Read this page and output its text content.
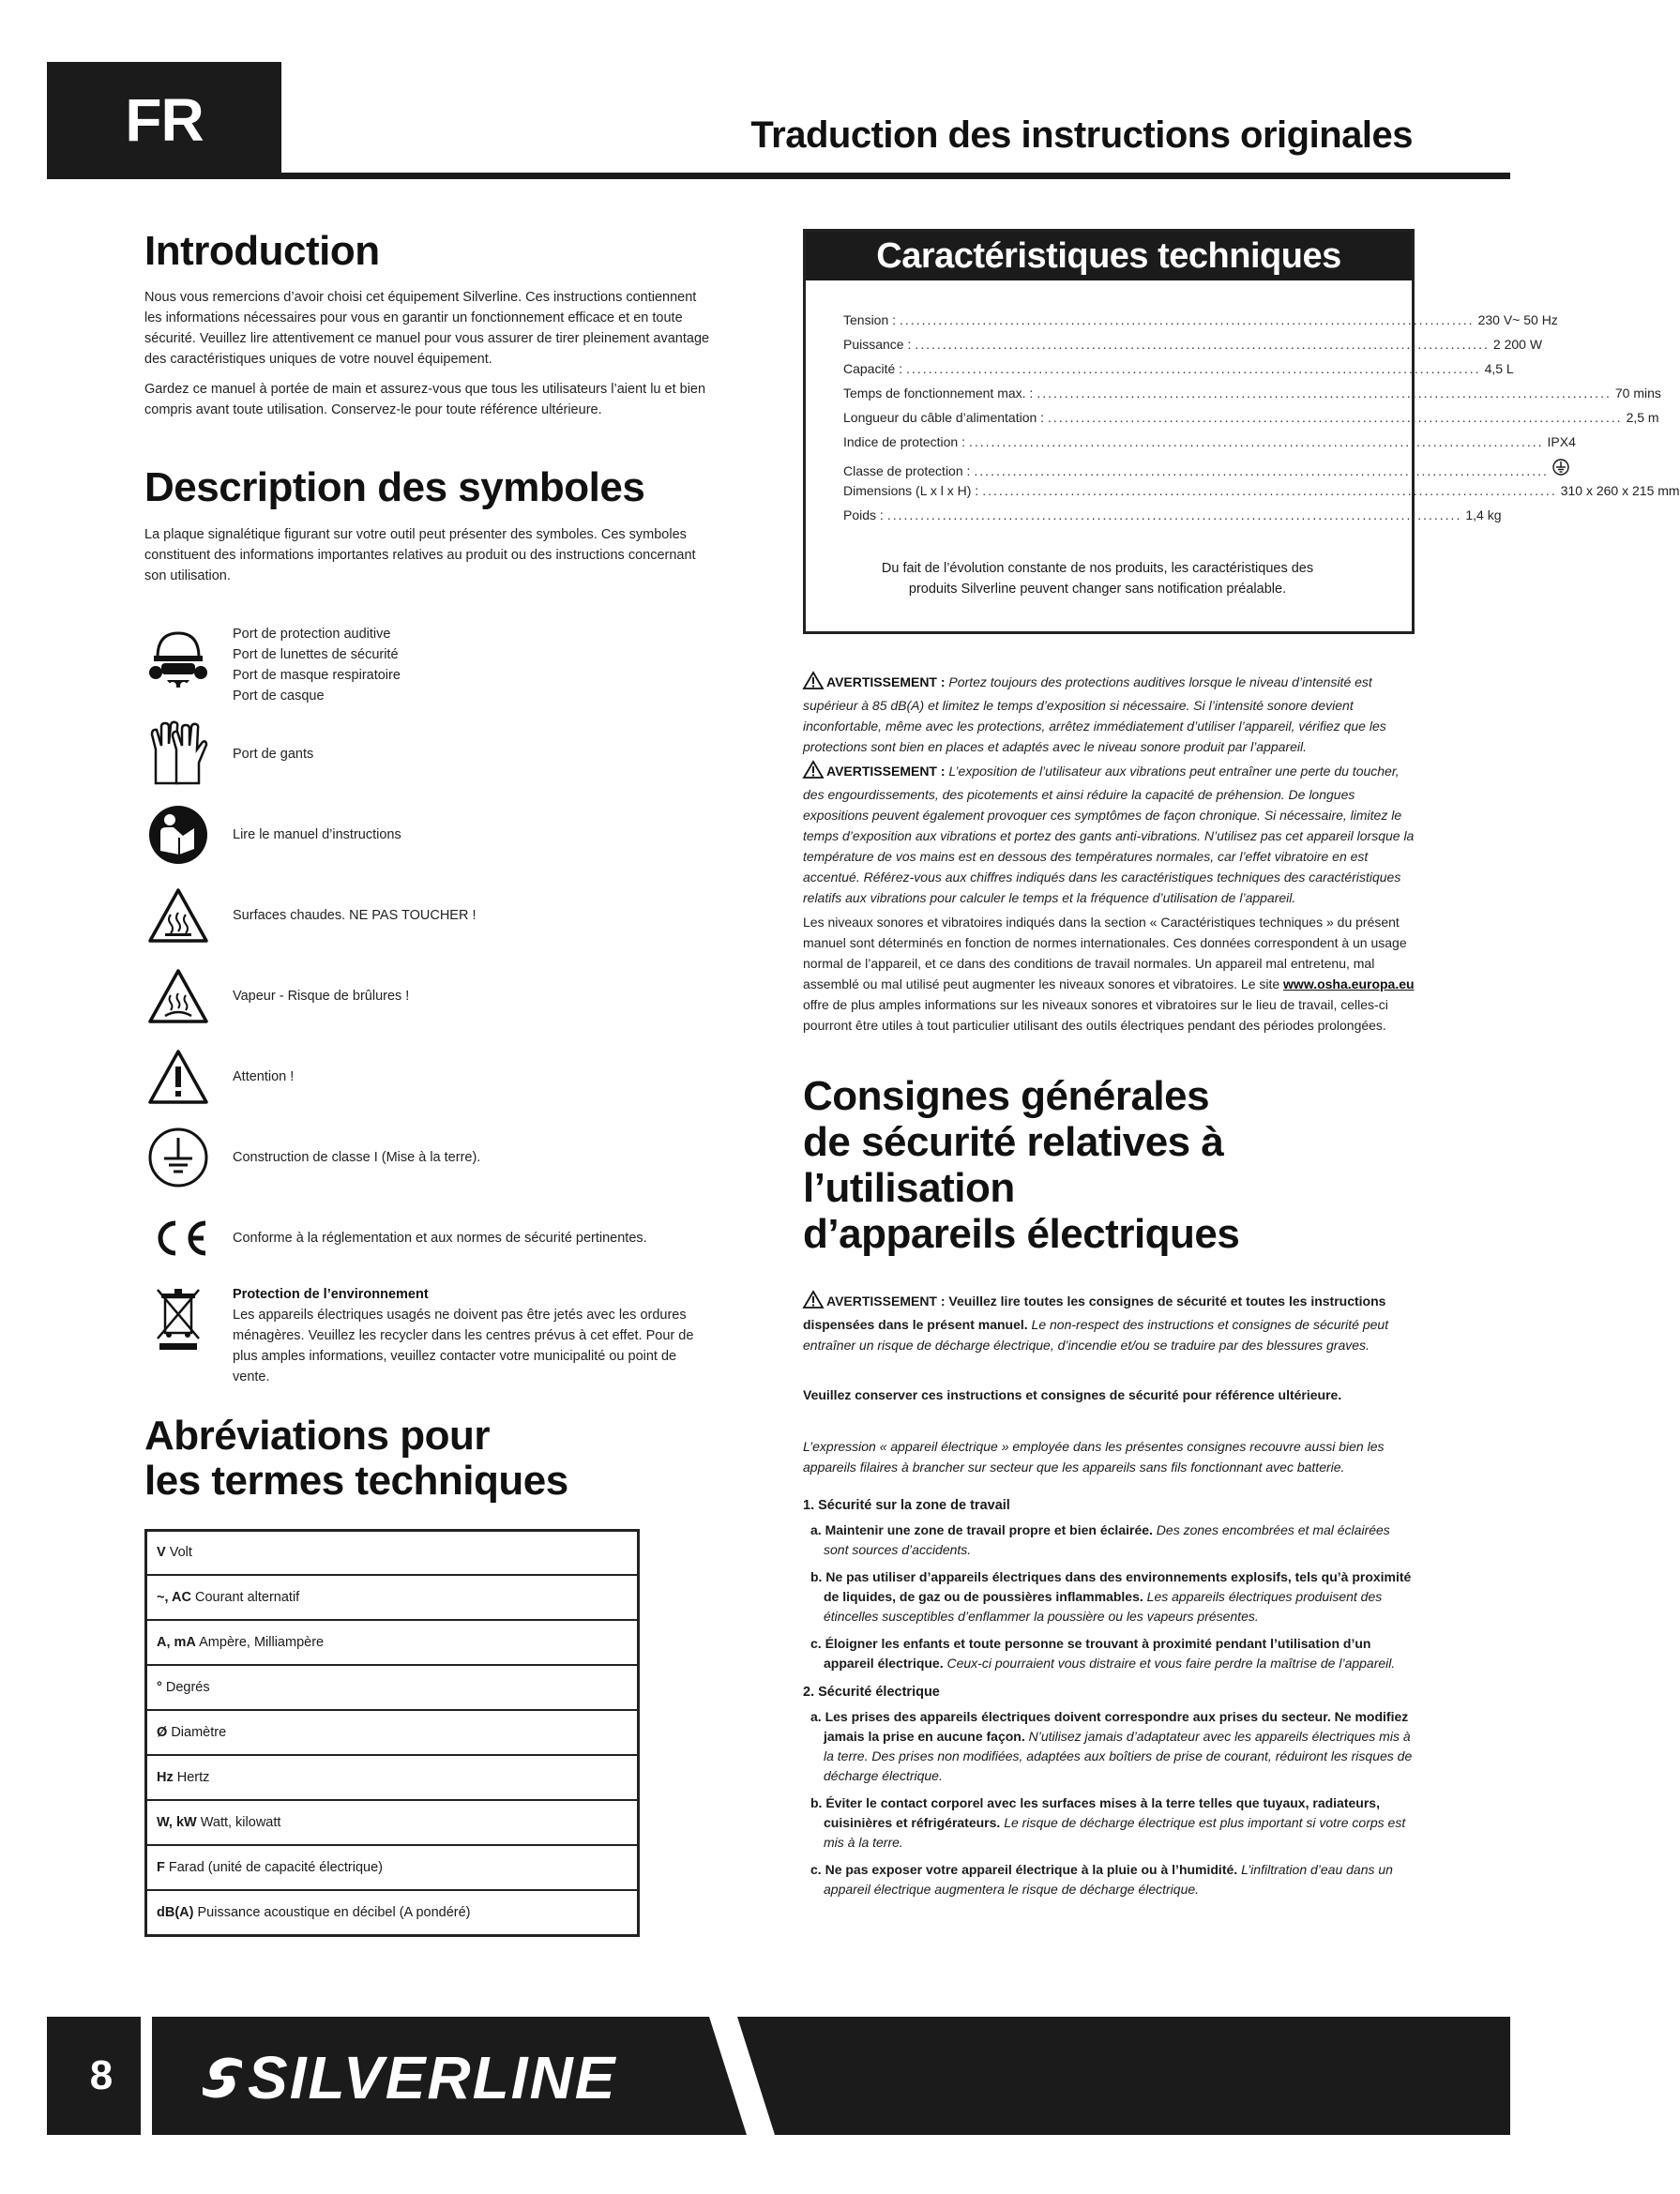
FR	Traduction des instructions originales
Introduction

Nous vous remercions d’avoir choisi cet équipement Silverline. Ces instructions contiennent les informations nécessaires pour vous en garantir un fonctionnement efficace et en toute sécurité. Veuillez lire attentivement ce manuel pour vous assurer de tirer pleinement avantage des caractéristiques uniques de votre nouvel équipement.

Gardez ce manuel à portée de main et assurez-vous que tous les utilisateurs l’aient lu et bien compris avant toute utilisation. Conservez-le pour toute référence ultérieure.

Description des symboles

La plaque signalétique figurant sur votre outil peut présenter des symboles. Ces symboles constituent des informations importantes relatives au produit ou des instructions concernant son utilisation.

Port de protection auditive
Port de lunettes de sécurité
Port de masque respiratoire
Port de casque
Port de gants
Lire le manuel d’instructions
Surfaces chaudes. NE PAS TOUCHER !
Vapeur - Risque de brûlures !
Attention !
Construction de classe I (Mise à la terre).
Conforme à la réglementation et aux normes de sécurité pertinentes.
Protection de l’environnement
Les appareils électriques usagés ne doivent pas être jetés avec les ordures ménagères. Veuillez les recycler dans les centres prévus à cet effet. Pour de plus amples informations, veuillez contacter votre municipalité ou point de vente.
Abréviations pour
les termes techniques
V Volt
~, AC Courant alternatif
A, mA Ampère, Milliampère
° Degrés
Ø Diamètre
Hz Hertz
W, kW Watt, kilowatt
F Farad (unité de capacité électrique)
dB(A) Puissance acoustique en décibel (A pondéré)
Caractéristiques techniques
Tension : ........................................................................................................ 230 V~ 50 Hz
Puissance : ........................................................................................................ 2 200 W
Capacité : ........................................................................................................ 4,5 L
Temps de fonctionnement max. : ........................................................................................................ 70 mins
Longueur du câble d’alimentation : ........................................................................................................ 2,5 m
Indice de protection : ........................................................................................................ IPX4
Classe de protection : ........................................................................................................
Dimensions (L x l x H) : ........................................................................................................ 310 x 260 x 215 mm
Poids : ........................................................................................................ 1,4 kg

Du fait de l’évolution constante de nos produits, les caractéristiques des produits Silverline peuvent changer sans notification préalable.

AVERTISSEMENT : Portez toujours des protections auditives lorsque le niveau d’intensité est supérieur à 85 dB(A) et limitez le temps d’exposition si nécessaire. Si l’intensité sonore devient inconfortable, même avec les protections, arrêtez immédiatement d’utiliser l’appareil, vérifiez que les protections sont bien en places et adaptés avec le niveau sonore produit par l’appareil.

AVERTISSEMENT : L’exposition de l’utilisateur aux vibrations peut entraîner une perte du toucher, des engourdissements, des picotements et ainsi réduire la capacité de préhension. De longues expositions peuvent également provoquer ces symptômes de façon chronique. Si nécessaire, limitez le temps d’exposition aux vibrations et portez des gants anti-vibrations. N’utilisez pas cet appareil lorsque la température de vos mains est en dessous des températures normales, car l’effet vibratoire en est accentué. Référez-vous aux chiffres indiqués dans les caractéristiques techniques des caractéristiques relatifs aux vibrations pour calculer le temps et la fréquence d’utilisation de l’appareil.

Les niveaux sonores et vibratoires indiqués dans la section « Caractéristiques techniques » du présent manuel sont déterminés en fonction de normes internationales. Ces données correspondent à un usage normal de l’appareil, et ce dans des conditions de travail normales. Un appareil mal entretenu, mal assemblé ou mal utilisé peut augmenter les niveaux sonores et vibratoires. Le site www.osha.europa.eu offre de plus amples informations sur les niveaux sonores et vibratoires sur le lieu de travail, celles-ci pourront être utiles à tout particulier utilisant des outils électriques pendant des périodes prolongées.

Consignes générales
de sécurité relatives à l’utilisation
d’appareils électriques

AVERTISSEMENT : Veuillez lire toutes les consignes de sécurité et toutes les instructions dispensées dans le présent manuel. Le non-respect des instructions et consignes de sécurité peut entraîner un risque de décharge électrique, d’incendie et/ou se traduire par des blessures graves.

Veuillez conserver ces instructions et consignes de sécurité pour référence ultérieure.

L’expression « appareil électrique » employée dans les présentes consignes recouvre aussi bien les appareils filaires à brancher sur secteur que les appareils sans fils fonctionnant avec batterie.

1. Sécurité sur la zone de travail

a. Maintenir une zone de travail propre et bien éclairée. Des zones encombrées et mal éclairées sont sources d’accidents.

b. Ne pas utiliser d’appareils électriques dans des environnements explosifs, tels qu’à proximité de liquides, de gaz ou de poussières inflammables. Les appareils électriques produisent des étincelles susceptibles d’enflammer la poussière ou les vapeurs présentes.

c. Éloigner les enfants et toute personne se trouvant à proximité pendant l’utilisation d’un appareil électrique. Ceux-ci pourraient vous distraire et vous faire perdre la maîtrise de l’appareil.

2. Sécurité électrique

a. Les prises des appareils électriques doivent correspondre aux prises du secteur. Ne modifiez jamais la prise en aucune façon. N’utilisez jamais d’adaptateur avec les appareils électriques mis à la terre. Des prises non modifiées, adaptées aux boîtiers de prise de courant, réduiront les risques de décharge électrique.

b. Éviter le contact corporel avec les surfaces mises à la terre telles que tuyaux, radiateurs, cuisinières et réfrigérateurs. Le risque de décharge électrique est plus important si votre corps est mis à la terre.

c. Ne pas exposer votre appareil électrique à la pluie ou à l’humidité. L’infiltration d’eau dans un appareil électrique augmentera le risque de décharge électrique.

8	SILVERLINE
